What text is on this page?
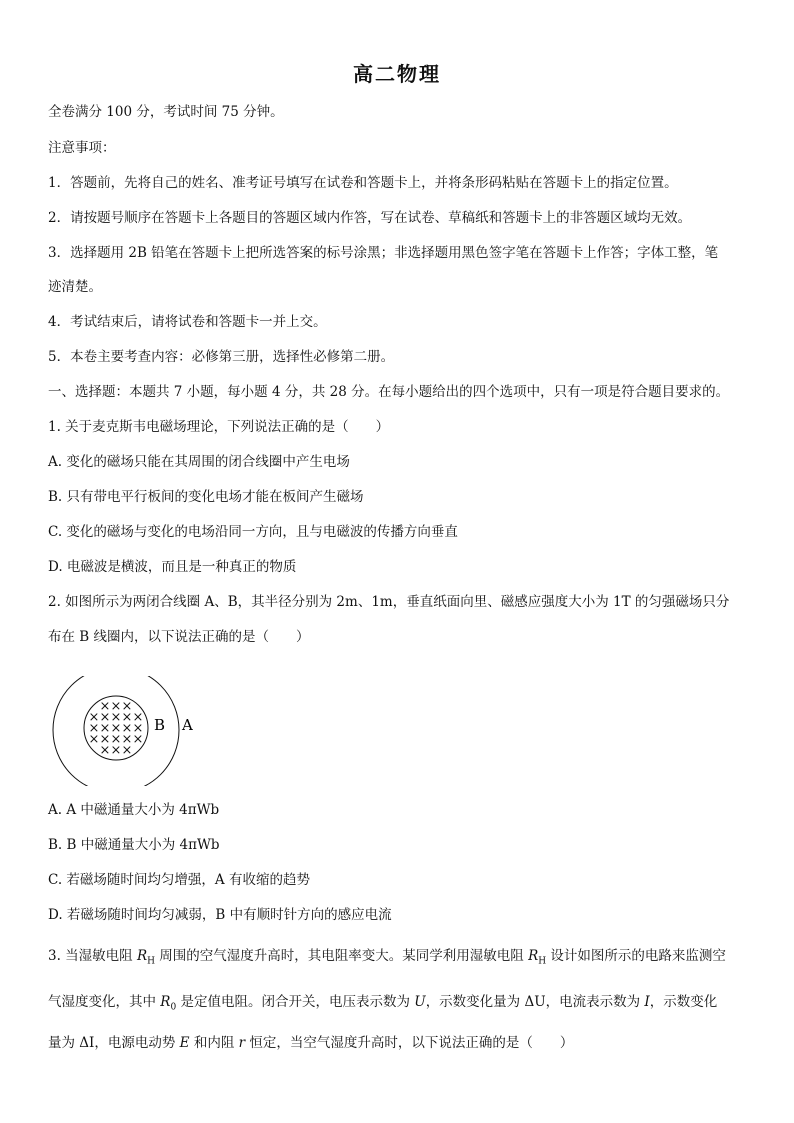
高二物理
全卷满分 100 分，考试时间 75 分钟。
注意事项：
1．答题前，先将自己的姓名、准考证号填写在试卷和答题卡上，并将条形码粘贴在答题卡上的指定位置。
2．请按题号顺序在答题卡上各题目的答题区域内作答，写在试卷、草稿纸和答题卡上的非答题区域均无效。
3．选择题用 2B 铅笔在答题卡上把所选答案的标号涂黑；非选择题用黑色签字笔在答题卡上作答；字体工整，笔
迹清楚。
4．考试结束后，请将试卷和答题卡一并上交。
5．本卷主要考查内容：必修第三册，选择性必修第二册。
一、选择题：本题共 7 小题，每小题 4 分，共 28 分。在每小题给出的四个选项中，只有一项是符合题目要求的。
1. 关于麦克斯韦电磁场理论，下列说法正确的是（　　）
A. 变化的磁场只能在其周围的闭合线圈中产生电场
B. 只有带电平行板间的变化电场才能在板间产生磁场
C. 变化的磁场与变化的电场沿同一方向，且与电磁波的传播方向垂直
D. 电磁波是横波，而且是一种真正的物质
2. 如图所示为两闭合线圈 A、B，其半径分别为 2m、1m，垂直纸面向里、磁感应强度大小为 1T 的匀强磁场只分
布在 B 线圈内，以下说法正确的是（　　）
× × ×
× × × × ×
× × × × ×
× × × × ×
× × ×
B A
A. A 中磁通量大小为 4πWb
B. B 中磁通量大小为 4πWb
C. 若磁场随时间均匀增强，A 有收缩的趋势
D. 若磁场随时间均匀减弱，B 中有顺时针方向的感应电流
3. 当湿敏电阻 $R_H$ 周围的空气湿度升高时，其电阻率变大。某同学利用湿敏电阻 $R_H$ 设计如图所示的电路来监测空
气湿度变化，其中 $R_0$ 是定值电阻。闭合开关，电压表示数为 U，示数变化量为 ΔU，电流表示数为 I，示数变化
量为 ΔI，电源电动势 E 和内阻 r 恒定，当空气湿度升高时，以下说法正确的是（　　）
